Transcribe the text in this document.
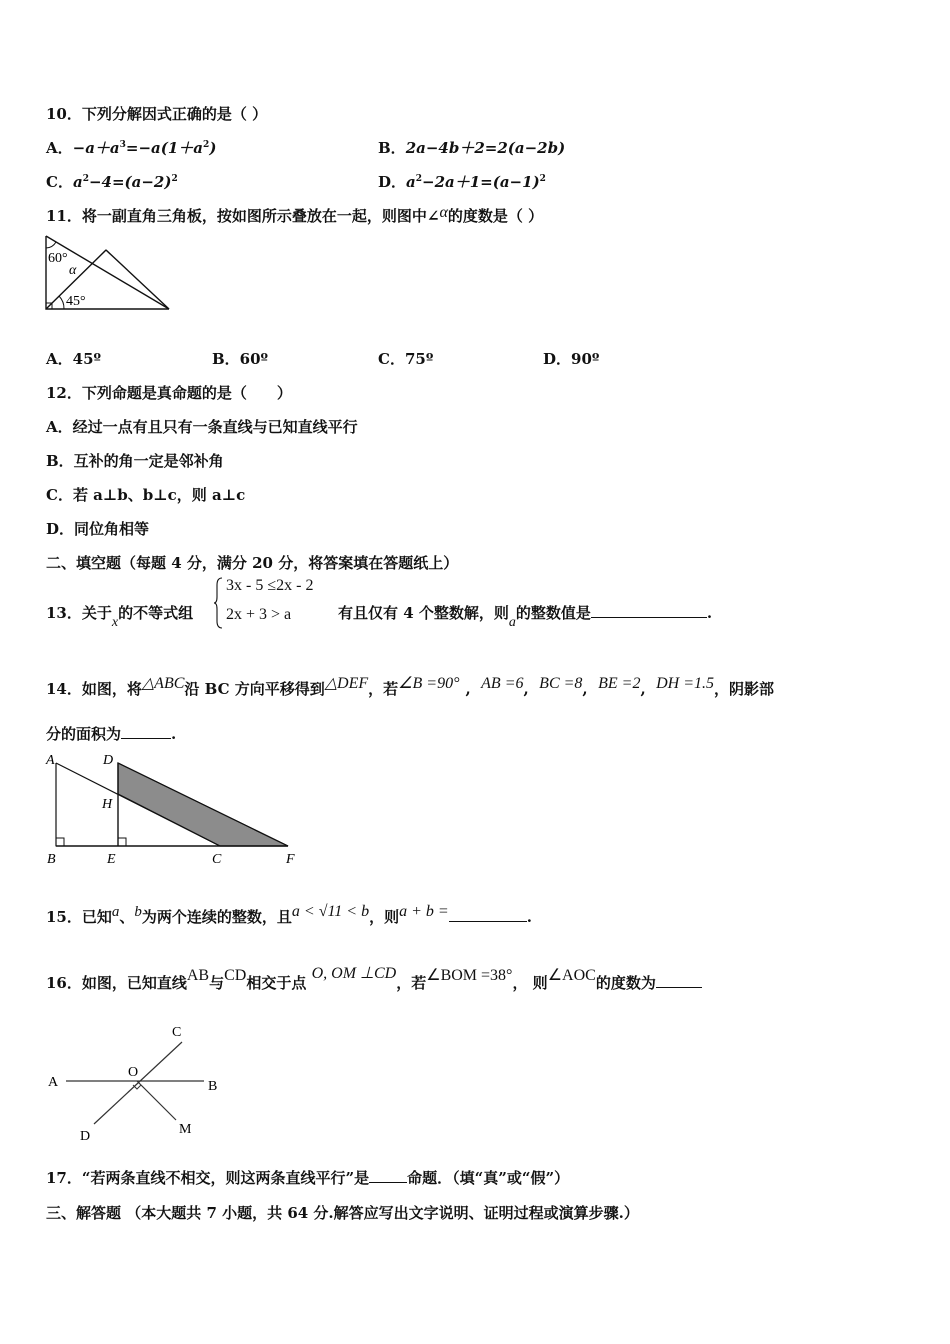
10．下列分解因式正确的是（ ）
A．$-a+a^3=-a(1+a^2)$	B．2a−4b＋2=2(a−2b)
C．$a^2-4=(a-2)^2$	D．$a^2-2a+1=(a-1)^2$
11．将一副直角三角板，按如图所示叠放在一起，则图中∠α的度数是（ ）
60°
α
45°
A．45º	B．60º	C．75º	D．90º
12．下列命题是真命题的是（　　）
A．经过一点有且只有一条直线与已知直线平行
B．互补的角一定是邻补角
C．若 a⊥b、b⊥c，则 a⊥c
D．同位角相等
二、填空题（每题 4 分，满分 20 分，将答案填在答题纸上）
13．关于x的不等式组
3x - 5 ≤2x - 2
2x + 3 > a	有且仅有 4 个整数解，则a的整数值是	.
14．如图，将△ABC沿 BC 方向平移得到△DEF，若∠B =90° ,  AB =6,  BC =8,  BE =2,  DH =1.5，阴影部
分的面积为	.
A	D
H
B	E	C	F
15．已知a、b为两个连续的整数，且a < √11 < b，则a + b =	.
16．如图，已知直线AB与CD相交于点 O, OM ⊥CD，若∠BOM =38°， 则∠AOC的度数为
A	B
C
D
O
M
17．“若两条直线不相交，则这两条直线平行”是	命题．（填“真”或“假”）
三、解答题 （本大题共 7 小题，共 64 分.解答应写出文字说明、证明过程或演算步骤.）
